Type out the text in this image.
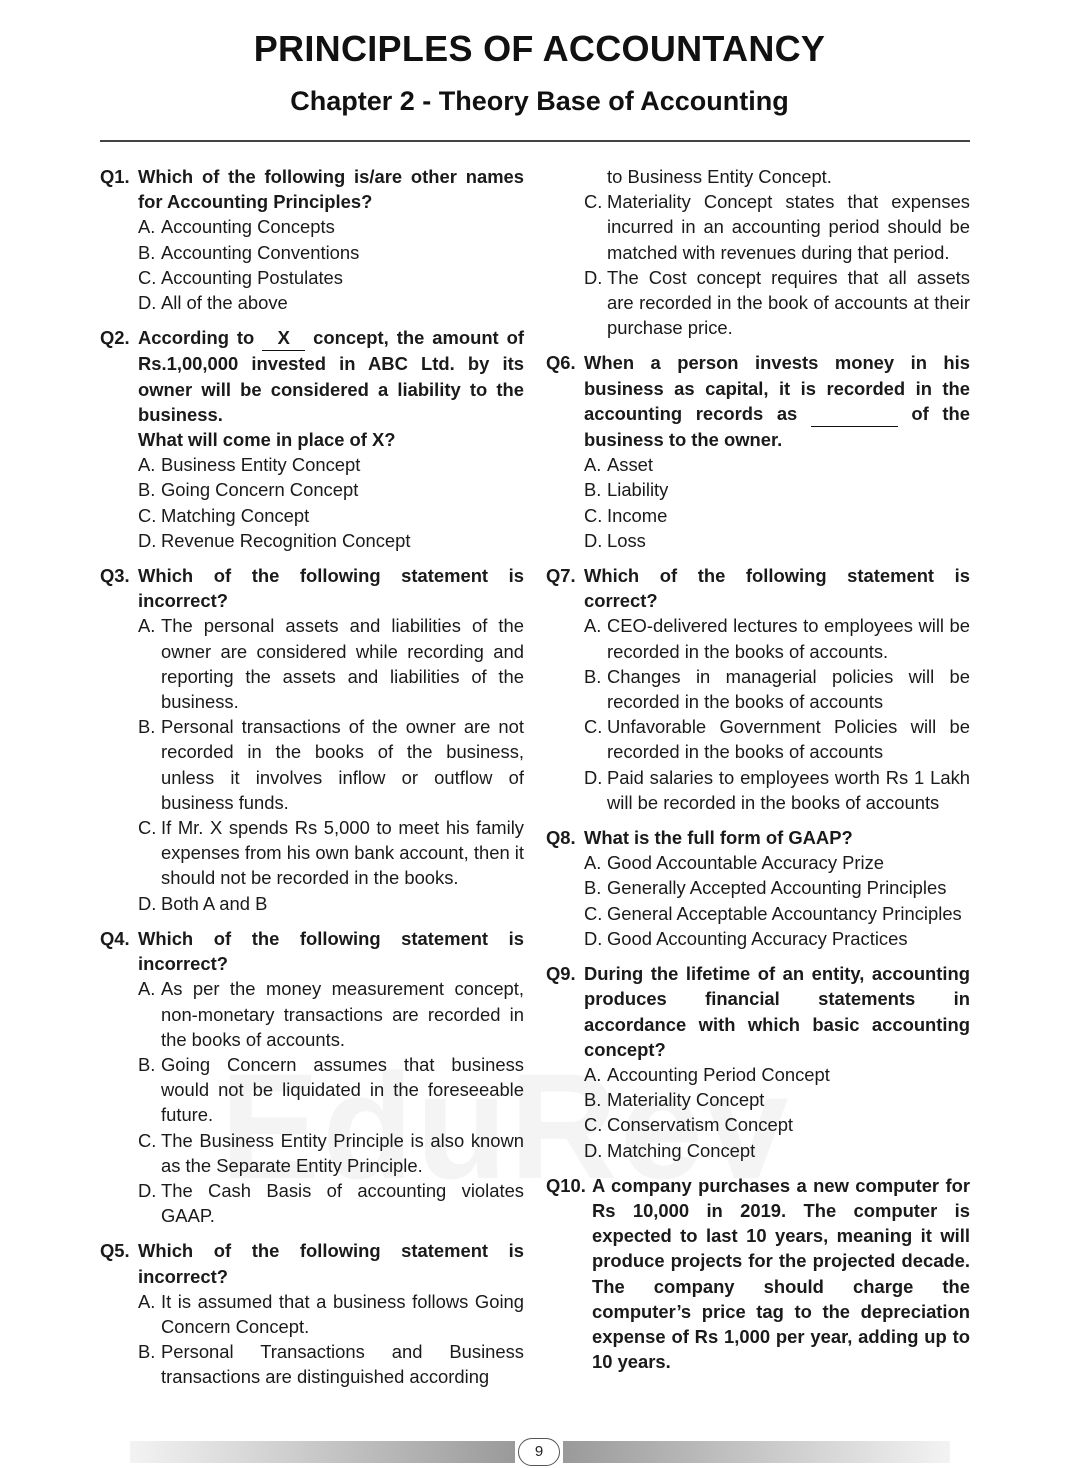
PRINCIPLES OF ACCOUNTANCY
Chapter 2 - Theory Base of Accounting
Q1. Which of the following is/are other names for Accounting Principles?
A. Accounting Concepts
B. Accounting Conventions
C. Accounting Postulates
D. All of the above
Q2. According to    X    concept, the amount of Rs.1,00,000 invested in ABC Ltd. by its owner will be considered a liability to the business.

What will come in place of X?

A. Business Entity Concept
B. Going Concern Concept
C. Matching Concept
D. Revenue Recognition Concept
Q3. Which of the following statement is incorrect?
A. The personal assets and liabilities of the owner are considered while recording and reporting the assets and liabilities of the business.
B. Personal transactions of the owner are not recorded in the books of the business, unless it involves inflow or outflow of business funds.
C. If Mr. X spends Rs 5,000 to meet his family expenses from his own bank account, then it should not be recorded in the books.
D. Both A and B
Q4. Which of the following statement is incorrect?
A. As per the money measurement concept, non-monetary transactions are recorded in the books of accounts.
B. Going Concern assumes that business would not be liquidated in the foreseeable future.
C. The Business Entity Principle is also known as the Separate Entity Principle.
D. The Cash Basis of accounting violates GAAP.
Q5. Which of the following statement is incorrect?
A. It is assumed that a business follows Going Concern Concept.
B. Personal Transactions and Business transactions are distinguished according
to Business Entity Concept.
C. Materiality Concept states that expenses incurred in an accounting period should be matched with revenues during that period.
D. The Cost concept requires that all assets are recorded in the book of accounts at their purchase price.
Q6. When a person invests money in his business as capital, it is recorded in the accounting records as	of the business to the owner.
A. Asset
B. Liability
C. Income
D. Loss
Q7. Which of the following statement is correct?
A. CEO-delivered lectures to employees will be recorded in the books of accounts.
B. Changes in managerial policies will be recorded in the books of accounts
C. Unfavorable Government Policies will be recorded in the books of accounts
D. Paid salaries to employees worth Rs 1 Lakh will be recorded in the books of accounts
Q8. What is the full form of GAAP?
A. Good Accountable Accuracy Prize
B. Generally Accepted Accounting Principles
C. General Acceptable Accountancy Principles
D. Good Accounting Accuracy Practices
Q9. During the lifetime of an entity, accounting produces financial statements in accordance with which basic accounting concept?
A. Accounting Period Concept
B. Materiality Concept
C. Conservatism Concept
D. Matching Concept
Q10. A company purchases a new computer for Rs 10,000 in 2019. The computer is expected to last 10 years, meaning it will produce projects for the projected decade. The company should charge the computer’s price tag to the depreciation expense of Rs 1,000 per year, adding up to 10 years.
9
